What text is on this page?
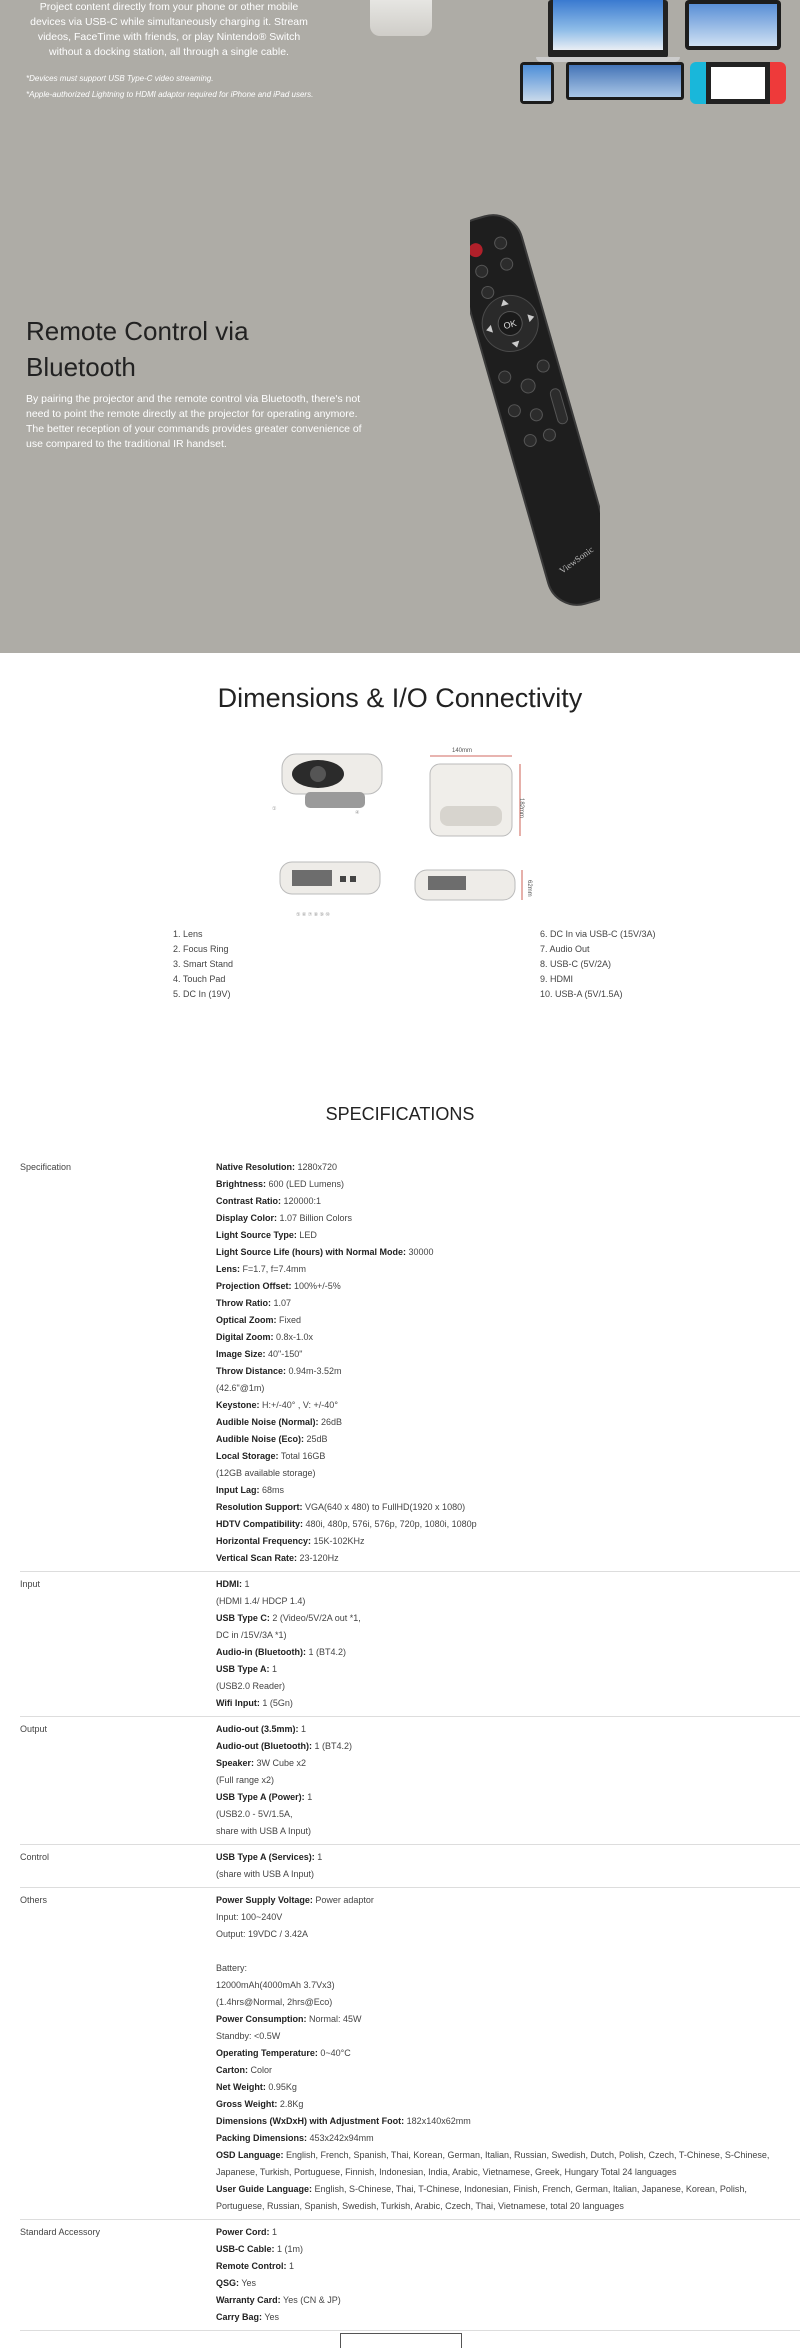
Project content directly from your phone or other mobile devices via USB-C while simultaneously charging it. Stream videos, FaceTime with friends, or play Nintendo® Switch without a docking station, all through a single cable.
*Devices must support USB Type-C video streaming.
*Apple-authorized Lightning to HDMI adaptor required for iPhone and iPad users.
Remote Control via Bluetooth
By pairing the projector and the remote control via Bluetooth, there's not need to point the remote directly at the projector for operating anymore. The better reception of your commands provides greater convenience of use compared to the traditional IR handset.
OK
ViewSonic
Dimensions & I/O Connectivity
①
④
140mm
182mm
⑤ ⑥ ⑦ ⑧ ⑨ ⑩
62mm
1. Lens
2. Focus Ring
3. Smart Stand
4. Touch Pad
5. DC In (19V)
6. DC In via USB-C (15V/3A)
7. Audio Out
8. USB-C (5V/2A)
9. HDMI
10. USB-A (5V/1.5A)
SPECIFICATIONS
Specification	Native Resolution: 1280x720
Brightness: 600 (LED Lumens)
Contrast Ratio: 120000:1
Display Color: 1.07 Billion Colors
Light Source Type: LED
Light Source Life (hours) with Normal Mode: 30000
Lens: F=1.7, f=7.4mm
Projection Offset: 100%+/-5%
Throw Ratio: 1.07
Optical Zoom: Fixed
Digital Zoom: 0.8x-1.0x
Image Size: 40"-150"
Throw Distance: 0.94m-3.52m
(42.6"@1m)
Keystone: H:+/-40° , V: +/-40°
Audible Noise (Normal): 26dB
Audible Noise (Eco): 25dB
Local Storage: Total 16GB
(12GB available storage)
Input Lag: 68ms
Resolution Support: VGA(640 x 480) to FullHD(1920 x 1080)
HDTV Compatibility: 480i, 480p, 576i, 576p, 720p, 1080i, 1080p
Horizontal Frequency: 15K-102KHz
Vertical Scan Rate: 23-120Hz
Input	HDMI: 1
(HDMI 1.4/ HDCP 1.4)
USB Type C: 2 (Video/5V/2A out *1,
DC in /15V/3A *1)
Audio-in (Bluetooth): 1 (BT4.2)
USB Type A: 1
(USB2.0 Reader)
Wifi Input: 1 (5Gn)
Output	Audio-out (3.5mm): 1
Audio-out (Bluetooth): 1 (BT4.2)
Speaker: 3W Cube x2
(Full range x2)
USB Type A (Power): 1
(USB2.0 - 5V/1.5A,
share with USB A Input)
Control	USB Type A (Services): 1
(share with USB A Input)
Others	Power Supply Voltage: Power adaptor
Input: 100~240V
Output: 19VDC / 3.42A
Battery:
12000mAh(4000mAh 3.7Vx3)
(1.4hrs@Normal, 2hrs@Eco)
Power Consumption: Normal: 45W
Standby: <0.5W
Operating Temperature: 0~40°C
Carton: Color
Net Weight: 0.95Kg
Gross Weight: 2.8Kg
Dimensions (WxDxH) with Adjustment Foot: 182x140x62mm
Packing Dimensions: 453x242x94mm
OSD Language: English, French, Spanish, Thai, Korean, German, Italian, Russian, Swedish, Dutch, Polish, Czech, T-Chinese, S-Chinese, Japanese, Turkish, Portuguese, Finnish, Indonesian, India, Arabic, Vietnamese, Greek, Hungary Total 24 languages
User Guide Language: English, S-Chinese, Thai, T-Chinese, Indonesian, Finish, French, German, Italian, Japanese, Korean, Polish, Portuguese, Russian, Spanish, Swedish, Turkish, Arabic, Czech, Thai, Vietnamese, total 20 languages
Standard Accessory	Power Cord: 1
USB-C Cable: 1 (1m)
Remote Control: 1
QSG: Yes
Warranty Card: Yes (CN & JP)
Carry Bag: Yes
